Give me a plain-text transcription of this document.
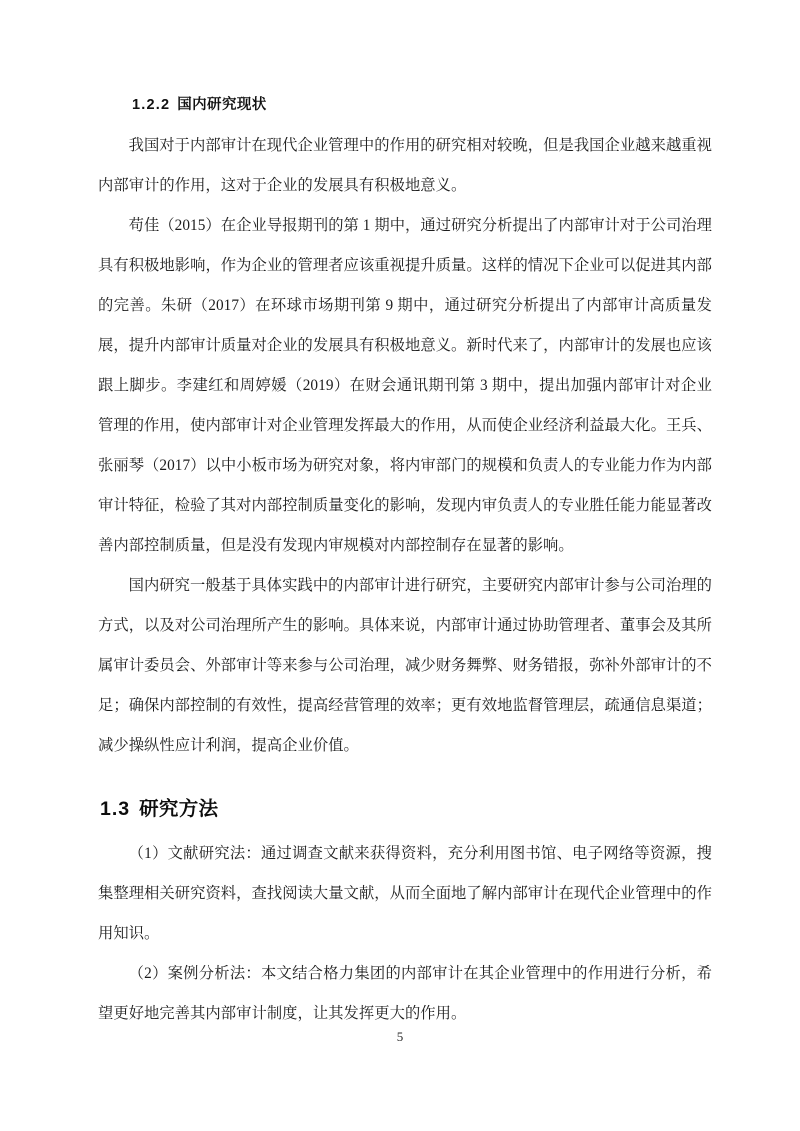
1.2.2 国内研究现状

我国对于内部审计在现代企业管理中的作用的研究相对较晚，但是我国企业越来越重视内部审计的作用，这对于企业的发展具有积极地意义。

苟佳（2015）在企业导报期刊的第 1 期中，通过研究分析提出了内部审计对于公司治理具有积极地影响，作为企业的管理者应该重视提升质量。这样的情况下企业可以促进其内部的完善。朱研（2017）在环球市场期刊第 9 期中，通过研究分析提出了内部审计高质量发展，提升内部审计质量对企业的发展具有积极地意义。新时代来了，内部审计的发展也应该跟上脚步。李建红和周婷媛（2019）在财会通讯期刊第 3 期中，提出加强内部审计对企业管理的作用，使内部审计对企业管理发挥最大的作用，从而使企业经济利益最大化。王兵、张丽琴（2017）以中小板市场为研究对象，将内审部门的规模和负责人的专业能力作为内部审计特征，检验了其对内部控制质量变化的影响，发现内审负责人的专业胜任能力能显著改善内部控制质量，但是没有发现内审规模对内部控制存在显著的影响。

国内研究一般基于具体实践中的内部审计进行研究，主要研究内部审计参与公司治理的方式，以及对公司治理所产生的影响。具体来说，内部审计通过协助管理者、董事会及其所属审计委员会、外部审计等来参与公司治理，减少财务舞弊、财务错报，弥补外部审计的不足；确保内部控制的有效性，提高经营管理的效率；更有效地监督管理层，疏通信息渠道；减少操纵性应计利润，提高企业价值。

1.3 研究方法

（1）文献研究法：通过调查文献来获得资料，充分利用图书馆、电子网络等资源，搜集整理相关研究资料，查找阅读大量文献，从而全面地了解内部审计在现代企业管理中的作用知识。

（2）案例分析法：本文结合格力集团的内部审计在其企业管理中的作用进行分析，希望更好地完善其内部审计制度，让其发挥更大的作用。

5
